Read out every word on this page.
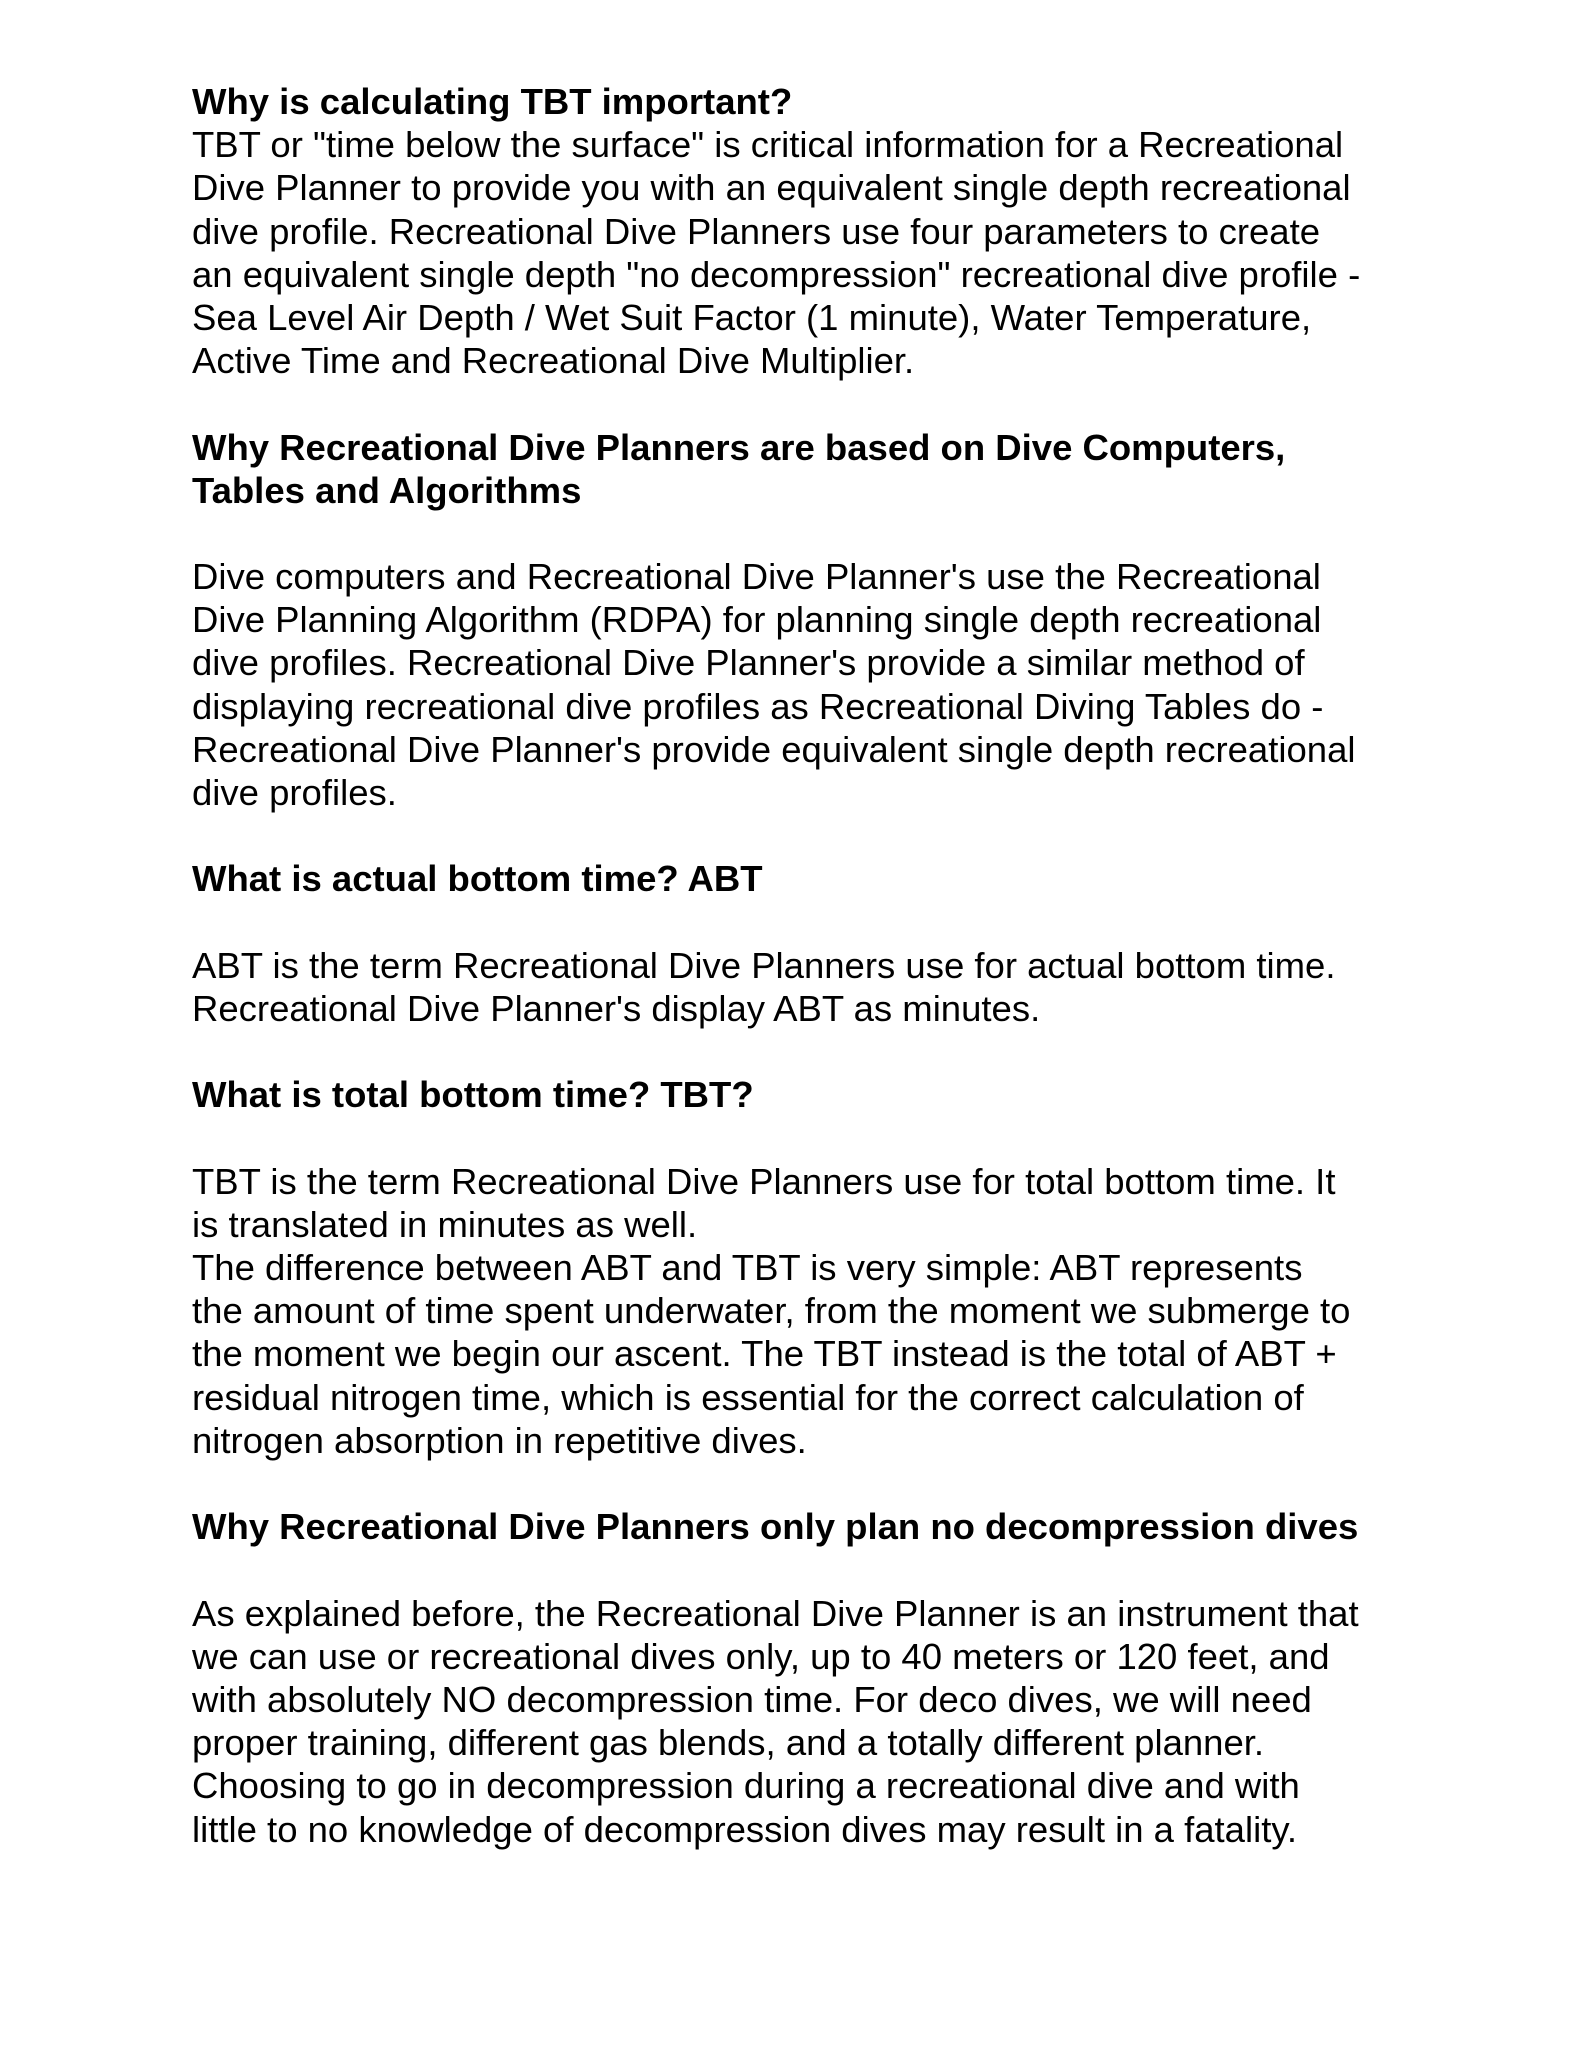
Why is calculating TBT important?
TBT or "time below the surface" is critical information for a Recreational
Dive Planner to provide you with an equivalent single depth recreational
dive profile. Recreational Dive Planners use four parameters to create
an equivalent single depth "no decompression" recreational dive profile -
Sea Level Air Depth / Wet Suit Factor (1 minute), Water Temperature,
Active Time and Recreational Dive Multiplier.
Why Recreational Dive Planners are based on Dive Computers,
Tables and Algorithms
Dive computers and Recreational Dive Planner's use the Recreational
Dive Planning Algorithm (RDPA) for planning single depth recreational
dive profiles. Recreational Dive Planner's provide a similar method of
displaying recreational dive profiles as Recreational Diving Tables do -
Recreational Dive Planner's provide equivalent single depth recreational
dive profiles.
What is actual bottom time? ABT
ABT is the term Recreational Dive Planners use for actual bottom time.
Recreational Dive Planner's display ABT as minutes.
What is total bottom time? TBT?
TBT is the term Recreational Dive Planners use for total bottom time. It
is translated in minutes as well.
The difference between ABT and TBT is very simple: ABT represents
the amount of time spent underwater, from the moment we submerge to
the moment we begin our ascent. The TBT instead is the total of ABT +
residual nitrogen time, which is essential for the correct calculation of
nitrogen absorption in repetitive dives.
Why Recreational Dive Planners only plan no decompression dives
As explained before, the Recreational Dive Planner is an instrument that
we can use or recreational dives only, up to 40 meters or 120 feet, and
with absolutely NO decompression time. For deco dives, we will need
proper training, different gas blends, and a totally different planner.
Choosing to go in decompression during a recreational dive and with
little to no knowledge of decompression dives may result in a fatality.
